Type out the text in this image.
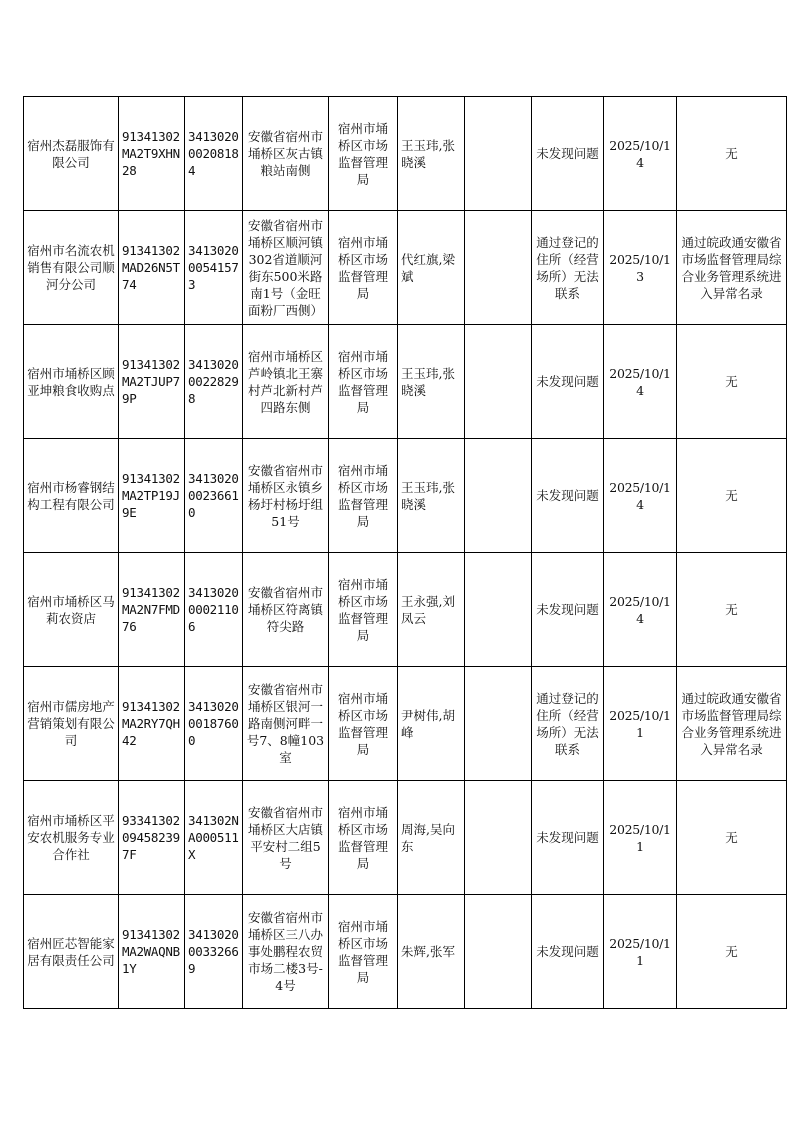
宿州杰磊服饰有限公司	91341302MA2T9XHN28	341302000208184	安徽省宿州市埇桥区灰古镇粮站南侧	宿州市埇桥区市场监督管理局	王玉玮,张晓溪		未发现问题	2025/10/14	无
宿州市名流农机销售有限公司顺河分公司	91341302MAD26N5T74	341302000541573	安徽省宿州市埇桥区顺河镇302省道顺河街东500米路南1号（金旺面粉厂西侧）	宿州市埇桥区市场监督管理局	代红旗,梁斌		通过登记的住所（经营场所）无法联系	2025/10/13	通过皖政通安徽省市场监督管理局综合业务管理系统进入异常名录
宿州市埇桥区顾亚坤粮食收购点	91341302MA2TJUP79P	341302000228298	宿州市埇桥区芦岭镇北王寨村芦北新村芦四路东侧	宿州市埇桥区市场监督管理局	王玉玮,张晓溪		未发现问题	2025/10/14	无
宿州市杨睿钢结构工程有限公司	91341302MA2TP19J9E	341302000236610	安徽省宿州市埇桥区永镇乡杨圩村杨圩组51号	宿州市埇桥区市场监督管理局	王玉玮,张晓溪		未发现问题	2025/10/14	无
宿州市埇桥区马莉农资店	91341302MA2N7FMD76	341302000021106	安徽省宿州市埇桥区符离镇符尖路	宿州市埇桥区市场监督管理局	王永强,刘凤云		未发现问题	2025/10/14	无
宿州市儒房地产营销策划有限公司	91341302MA2RY7QH42	341302000187600	安徽省宿州市埇桥区银河一路南侧河畔一号7、8幢103室	宿州市埇桥区市场监督管理局	尹树伟,胡峰		通过登记的住所（经营场所）无法联系	2025/10/11	通过皖政通安徽省市场监督管理局综合业务管理系统进入异常名录
宿州市埇桥区平安农机服务专业合作社	93341302094582397F	341302NA000511X	安徽省宿州市埇桥区大店镇平安村二组5号	宿州市埇桥区市场监督管理局	周海,吴向东		未发现问题	2025/10/11	无
宿州匠芯智能家居有限责任公司	91341302MA2WAQNB1Y	341302000332669	安徽省宿州市埇桥区三八办事处鹏程农贸市场二楼3号-4号	宿州市埇桥区市场监督管理局	朱辉,张军		未发现问题	2025/10/11	无
